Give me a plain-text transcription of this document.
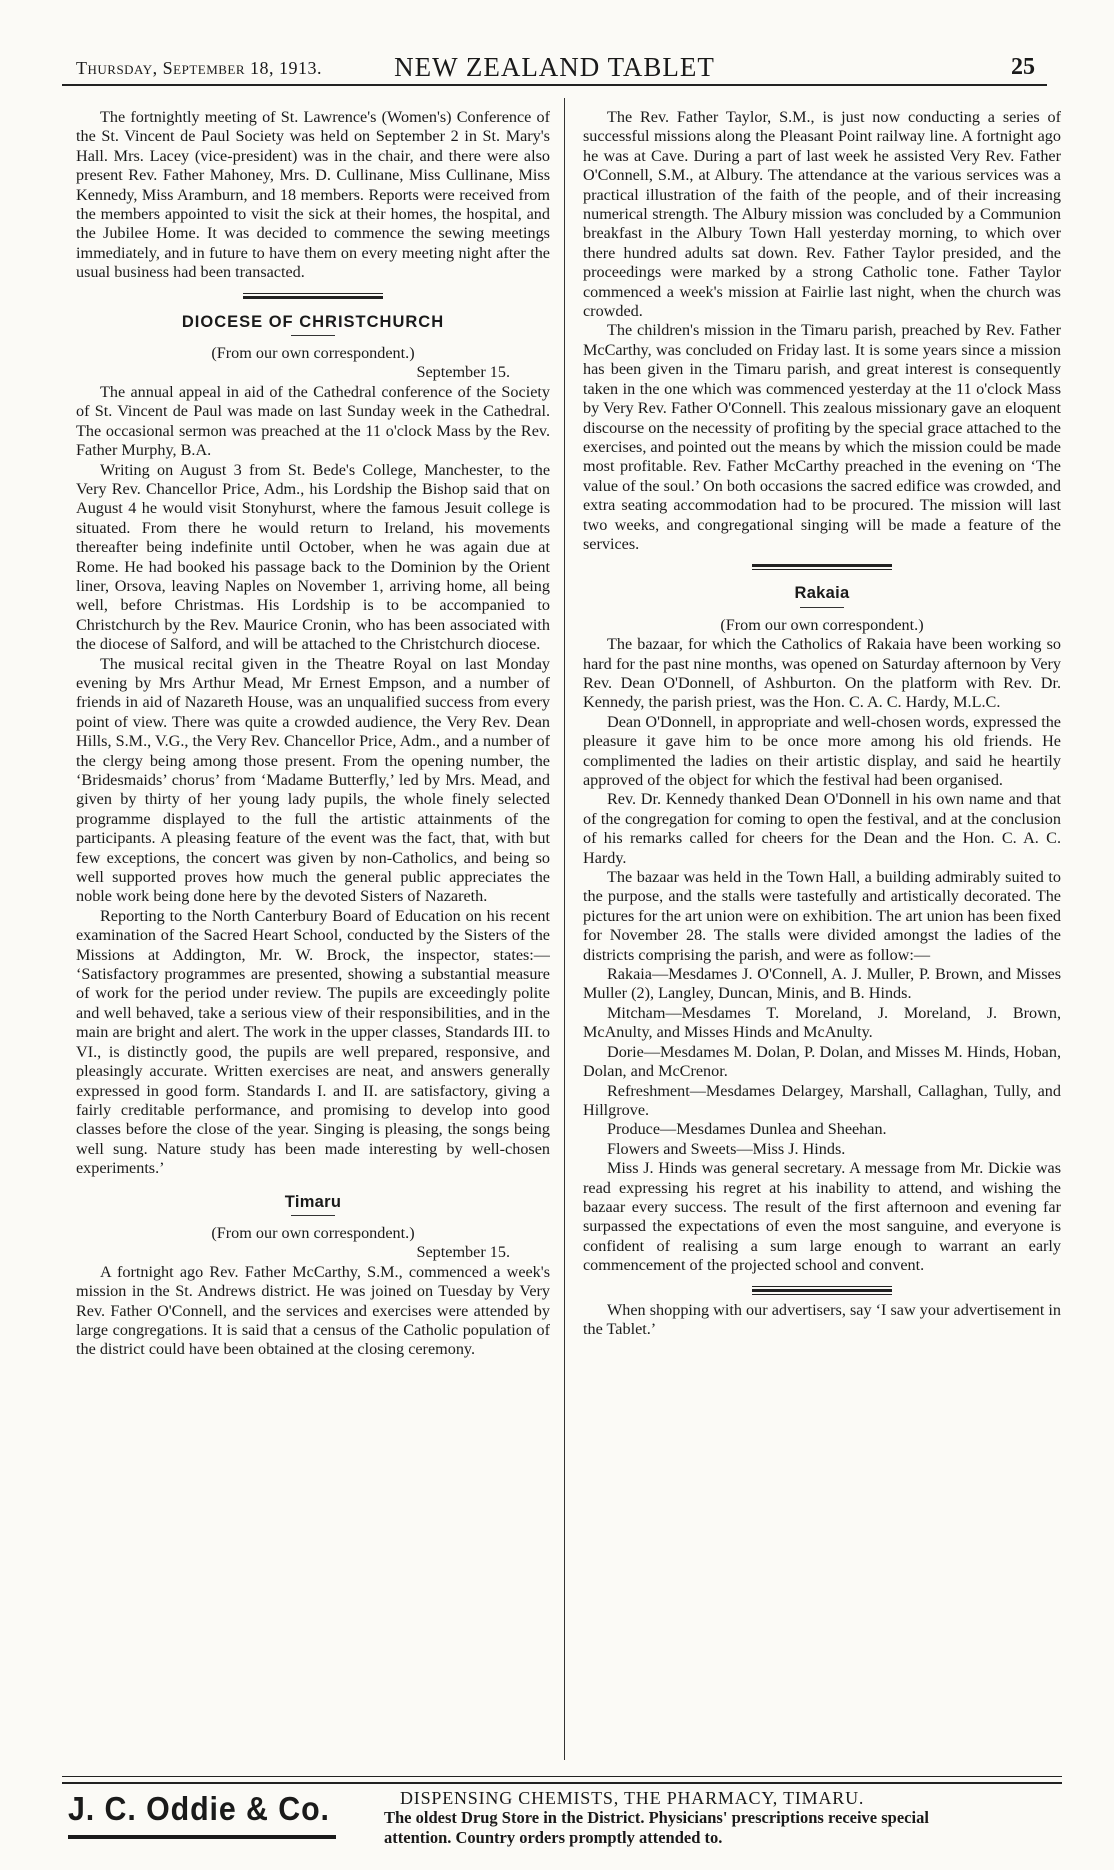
Thursday, September 18, 1913.	NEW ZEALAND TABLET	25

The fortnightly meeting of St. Lawrence's (Women's) Conference of the St. Vincent de Paul Society was held on September 2 in St. Mary's Hall. Mrs. Lacey (vice-president) was in the chair, and there were also present Rev. Father Mahoney, Mrs. D. Cullinane, Miss Cullinane, Miss Kennedy, Miss Aramburn, and 18 members. Reports were received from the members appointed to visit the sick at their homes, the hospital, and the Jubilee Home. It was decided to commence the sewing meetings immediately, and in future to have them on every meeting night after the usual business had been transacted.

DIOCESE OF CHRISTCHURCH
(From our own correspondent.)
September 15.

The annual appeal in aid of the Cathedral conference of the Society of St. Vincent de Paul was made on last Sunday week in the Cathedral. The occasional sermon was preached at the 11 o'clock Mass by the Rev. Father Murphy, B.A.

Writing on August 3 from St. Bede's College, Manchester, to the Very Rev. Chancellor Price, Adm., his Lordship the Bishop said that on August 4 he would visit Stonyhurst, where the famous Jesuit college is situated. From there he would return to Ireland, his movements thereafter being indefinite until October, when he was again due at Rome. He had booked his passage back to the Dominion by the Orient liner, Orsova, leaving Naples on November 1, arriving home, all being well, before Christmas. His Lordship is to be accompanied to Christchurch by the Rev. Maurice Cronin, who has been associated with the diocese of Salford, and will be attached to the Christchurch diocese.

The musical recital given in the Theatre Royal on last Monday evening by Mrs Arthur Mead, Mr Ernest Empson, and a number of friends in aid of Nazareth House, was an unqualified success from every point of view. There was quite a crowded audience, the Very Rev. Dean Hills, S.M., V.G., the Very Rev. Chancellor Price, Adm., and a number of the clergy being among those present. From the opening number, the ‘Bridesmaids’ chorus’ from ‘Madame Butterfly,’ led by Mrs. Mead, and given by thirty of her young lady pupils, the whole finely selected programme displayed to the full the artistic attainments of the participants. A pleasing feature of the event was the fact, that, with but few exceptions, the concert was given by non-Catholics, and being so well supported proves how much the general public appreciates the noble work being done here by the devoted Sisters of Nazareth.

Reporting to the North Canterbury Board of Education on his recent examination of the Sacred Heart School, conducted by the Sisters of the Missions at Addington, Mr. W. Brock, the inspector, states:— ‘Satisfactory programmes are presented, showing a substantial measure of work for the period under review. The pupils are exceedingly polite and well behaved, take a serious view of their responsibilities, and in the main are bright and alert. The work in the upper classes, Standards III. to VI., is distinctly good, the pupils are well prepared, responsive, and pleasingly accurate. Written exercises are neat, and answers generally expressed in good form. Standards I. and II. are satisfactory, giving a fairly creditable performance, and promising to develop into good classes before the close of the year. Singing is pleasing, the songs being well sung. Nature study has been made interesting by well-chosen experiments.’

Timaru
(From our own correspondent.)
September 15.

A fortnight ago Rev. Father McCarthy, S.M., commenced a week's mission in the St. Andrews district. He was joined on Tuesday by Very Rev. Father O'Connell, and the services and exercises were attended by large congregations. It is said that a census of the Catholic population of the district could have been obtained at the closing ceremony.

The Rev. Father Taylor, S.M., is just now conducting a series of successful missions along the Pleasant Point railway line. A fortnight ago he was at Cave. During a part of last week he assisted Very Rev. Father O'Connell, S.M., at Albury. The attendance at the various services was a practical illustration of the faith of the people, and of their increasing numerical strength. The Albury mission was concluded by a Communion breakfast in the Albury Town Hall yesterday morning, to which over there hundred adults sat down. Rev. Father Taylor presided, and the proceedings were marked by a strong Catholic tone. Father Taylor commenced a week's mission at Fairlie last night, when the church was crowded.

The children's mission in the Timaru parish, preached by Rev. Father McCarthy, was concluded on Friday last. It is some years since a mission has been given in the Timaru parish, and great interest is consequently taken in the one which was commenced yesterday at the 11 o'clock Mass by Very Rev. Father O'Connell. This zealous missionary gave an eloquent discourse on the necessity of profiting by the special grace attached to the exercises, and pointed out the means by which the mission could be made most profitable. Rev. Father McCarthy preached in the evening on ‘The value of the soul.’ On both occasions the sacred edifice was crowded, and extra seating accommodation had to be procured. The mission will last two weeks, and congregational singing will be made a feature of the services.

Rakaia
(From our own correspondent.)

The bazaar, for which the Catholics of Rakaia have been working so hard for the past nine months, was opened on Saturday afternoon by Very Rev. Dean O'Donnell, of Ashburton. On the platform with Rev. Dr. Kennedy, the parish priest, was the Hon. C. A. C. Hardy, M.L.C.

Dean O'Donnell, in appropriate and well-chosen words, expressed the pleasure it gave him to be once more among his old friends. He complimented the ladies on their artistic display, and said he heartily approved of the object for which the festival had been organised.

Rev. Dr. Kennedy thanked Dean O'Donnell in his own name and that of the congregation for coming to open the festival, and at the conclusion of his remarks called for cheers for the Dean and the Hon. C. A. C. Hardy.

The bazaar was held in the Town Hall, a building admirably suited to the purpose, and the stalls were tastefully and artistically decorated. The pictures for the art union were on exhibition. The art union has been fixed for November 28. The stalls were divided amongst the ladies of the districts comprising the parish, and were as follow:—

Rakaia—Mesdames J. O'Connell, A. J. Muller, P. Brown, and Misses Muller (2), Langley, Duncan, Minis, and B. Hinds.

Mitcham—Mesdames T. Moreland, J. Moreland, J. Brown, McAnulty, and Misses Hinds and McAnulty.

Dorie—Mesdames M. Dolan, P. Dolan, and Misses M. Hinds, Hoban, Dolan, and McCrenor.

Refreshment—Mesdames Delargey, Marshall, Callaghan, Tully, and Hillgrove.

Produce—Mesdames Dunlea and Sheehan.

Flowers and Sweets—Miss J. Hinds.

Miss J. Hinds was general secretary. A message from Mr. Dickie was read expressing his regret at his inability to attend, and wishing the bazaar every success. The result of the first afternoon and evening far surpassed the expectations of even the most sanguine, and everyone is confident of realising a sum large enough to warrant an early commencement of the projected school and convent.

When shopping with our advertisers, say ‘I saw your advertisement in the Tablet.’

J. C. Oddie & Co.	DISPENSING CHEMISTS, THE PHARMACY, TIMARU.
The oldest Drug Store in the District. Physicians' prescriptions receive special
attention. Country orders promptly attended to.
